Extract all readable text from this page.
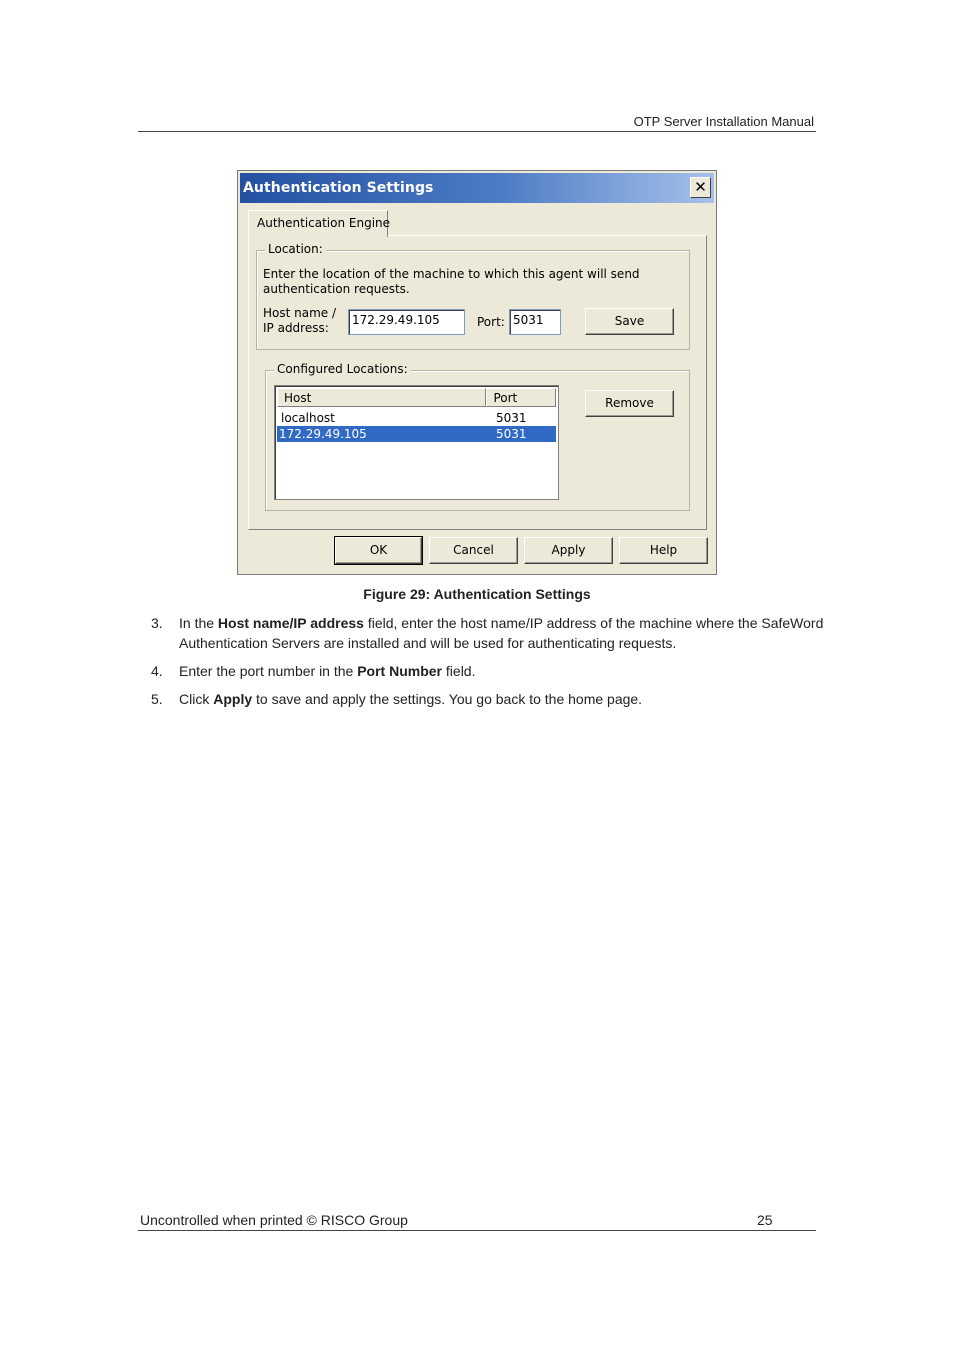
OTP Server Installation Manual
Authentication Settings	✕
Authentication Engine
Location:
Enter the location of the machine to which this agent will send authentication requests.
Host name /
IP address:
172.29.49.105	Port: 5031	Save
Configured Locations:
Host	Port
localhost	5031
172.29.49.105	5031
Remove
OK	Cancel	Apply	Help
Figure 29: Authentication Settings
3. In the Host name/IP address field, enter the host name/IP address of the machine where the SafeWord Authentication Servers are installed and will be used for authenticating requests.
4. Enter the port number in the Port Number field.
5. Click Apply to save and apply the settings. You go back to the home page.
Uncontrolled when printed © RISCO Group	25
